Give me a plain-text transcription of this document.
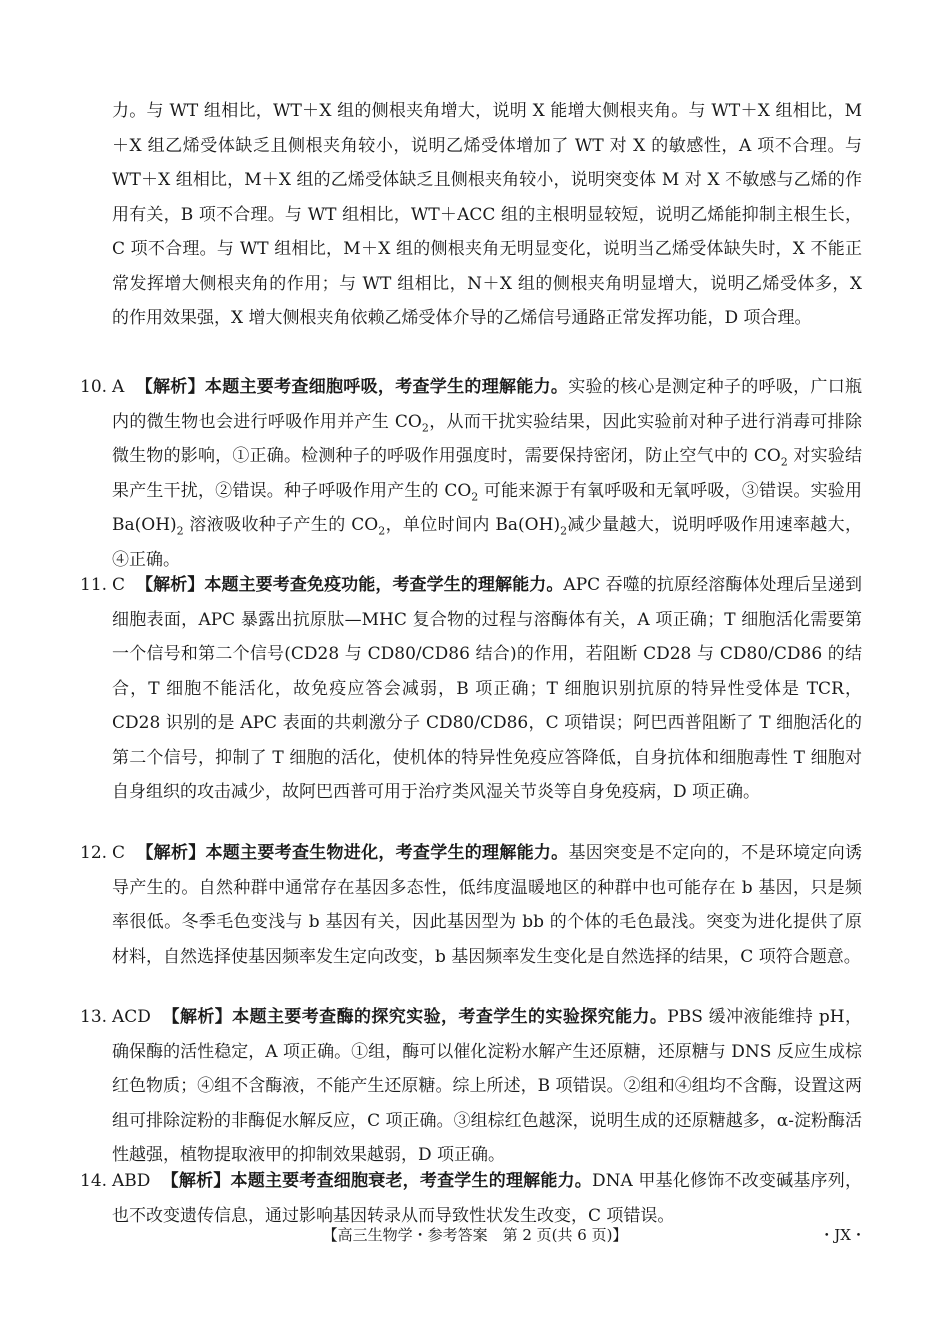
力。与 WT 组相比，WT＋X 组的侧根夹角增大，说明 X 能增大侧根夹角。与 WT＋X 组相比，M＋X 组乙烯受体缺乏且侧根夹角较小，说明乙烯受体增加了 WT 对 X 的敏感性，A 项不合理。与 WT＋X 组相比，M＋X 组的乙烯受体缺乏且侧根夹角较小，说明突变体 M 对 X 不敏感与乙烯的作用有关，B 项不合理。与 WT 组相比，WT＋ACC 组的主根明显较短，说明乙烯能抑制主根生长，C 项不合理。与 WT 组相比，M＋X 组的侧根夹角无明显变化，说明当乙烯受体缺失时，X 不能正常发挥增大侧根夹角的作用；与 WT 组相比，N＋X 组的侧根夹角明显增大，说明乙烯受体多，X 的作用效果强，X 增大侧根夹角依赖乙烯受体介导的乙烯信号通路正常发挥功能，D 项合理。
10. A 【解析】本题主要考查细胞呼吸，考查学生的理解能力。实验的核心是测定种子的呼吸，广口瓶内的微生物也会进行呼吸作用并产生 $CO_2$，从而干扰实验结果，因此实验前对种子进行消毒可排除微生物的影响，①正确。检测种子的呼吸作用强度时，需要保持密闭，防止空气中的 $CO_2$ 对实验结果产生干扰，②错误。种子呼吸作用产生的 $CO_2$ 可能来源于有氧呼吸和无氧呼吸，③错误。实验用 $Ba(OH)_2$ 溶液吸收种子产生的 $CO_2$，单位时间内 $Ba(OH)_2$减少量越大，说明呼吸作用速率越大，④正确。
11. C 【解析】本题主要考查免疫功能，考查学生的理解能力。APC 吞噬的抗原经溶酶体处理后呈递到细胞表面，APC 暴露出抗原肽—MHC 复合物的过程与溶酶体有关，A 项正确；T 细胞活化需要第一个信号和第二个信号(CD28 与 CD80/CD86 结合)的作用，若阻断 CD28 与 CD80/CD86 的结合，T 细胞不能活化，故免疫应答会减弱，B 项正确；T 细胞识别抗原的特异性受体是 TCR，CD28 识别的是 APC 表面的共刺激分子 CD80/CD86，C 项错误；阿巴西普阻断了 T 细胞活化的第二个信号，抑制了 T 细胞的活化，使机体的特异性免疫应答降低，自身抗体和细胞毒性 T 细胞对自身组织的攻击减少，故阿巴西普可用于治疗类风湿关节炎等自身免疫病，D 项正确。
12. C 【解析】本题主要考查生物进化，考查学生的理解能力。基因突变是不定向的，不是环境定向诱导产生的。自然种群中通常存在基因多态性，低纬度温暖地区的种群中也可能存在 b 基因，只是频率很低。冬季毛色变浅与 b 基因有关，因此基因型为 bb 的个体的毛色最浅。突变为进化提供了原材料，自然选择使基因频率发生定向改变，b 基因频率发生变化是自然选择的结果，C 项符合题意。
13. ACD 【解析】本题主要考查酶的探究实验，考查学生的实验探究能力。PBS 缓冲液能维持 pH，确保酶的活性稳定，A 项正确。①组，酶可以催化淀粉水解产生还原糖，还原糖与 DNS 反应生成棕红色物质；④组不含酶液，不能产生还原糖。综上所述，B 项错误。②组和④组均不含酶，设置这两组可排除淀粉的非酶促水解反应，C 项正确。③组棕红色越深，说明生成的还原糖越多，α-淀粉酶活性越强，植物提取液甲的抑制效果越弱，D 项正确。
14. ABD 【解析】本题主要考查细胞衰老，考查学生的理解能力。DNA 甲基化修饰不改变碱基序列，也不改变遗传信息，通过影响基因转录从而导致性状发生改变，C 项错误。
【高三生物学・参考答案　第 2 页(共 6 页)】	・JX・
